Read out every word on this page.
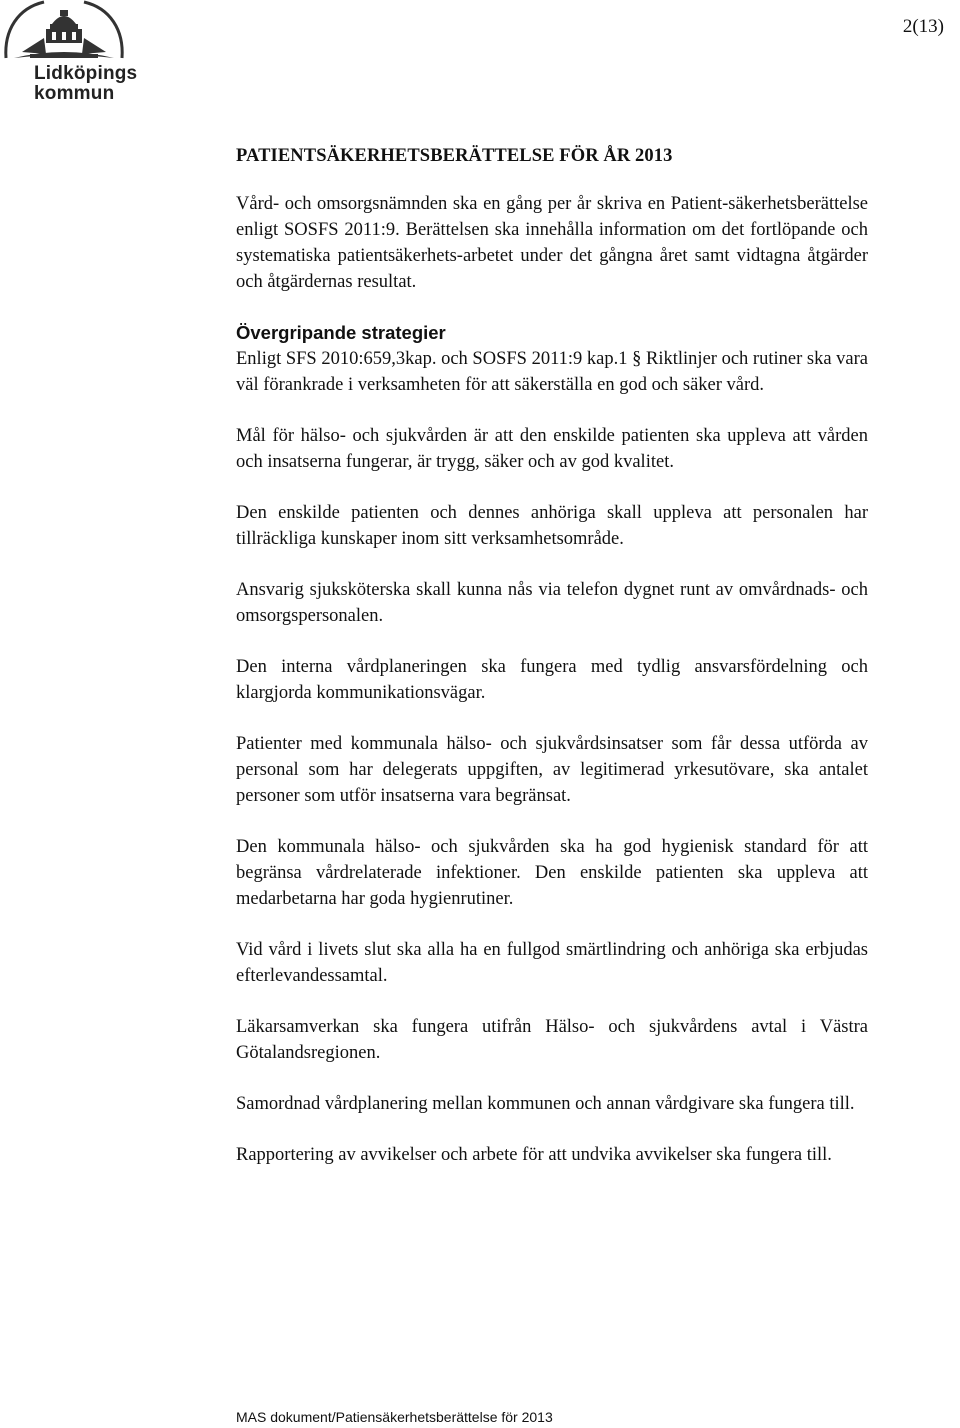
Lidköpings
kommun
2(13)
PATIENTSÄKERHETSBERÄTTELSE FÖR ÅR 2013

Vård- och omsorgsnämnden ska en gång per år skriva en Patient-säkerhetsberättelse enligt SOSFS 2011:9. Berättelsen ska innehålla information om det fortlöpande och systematiska patientsäkerhets-arbetet under det gångna året samt vidtagna åtgärder och åtgärdernas resultat.

Övergripande strategier

Enligt SFS 2010:659,3kap. och SOSFS 2011:9 kap.1 § Riktlinjer och rutiner ska vara väl förankrade i verksamheten för att säkerställa en god och säker vård.

Mål för hälso- och sjukvården är att den enskilde patienten ska uppleva att vården och insatserna fungerar, är trygg, säker och av god kvalitet.

Den enskilde patienten och dennes anhöriga skall uppleva att personalen har tillräckliga kunskaper inom sitt verksamhetsområde.

Ansvarig sjuksköterska skall kunna nås via telefon dygnet runt av omvårdnads- och omsorgspersonalen.

Den interna vårdplaneringen ska fungera med tydlig ansvarsfördelning och klargjorda kommunikationsvägar.

Patienter med kommunala hälso- och sjukvårdsinsatser som får dessa utförda av personal som har delegerats uppgiften, av legitimerad yrkesutövare, ska antalet personer som utför insatserna vara begränsat.

Den kommunala hälso- och sjukvården ska ha god hygienisk standard för att begränsa vårdrelaterade infektioner. Den enskilde patienten ska uppleva att medarbetarna har goda hygienrutiner.

Vid vård i livets slut ska alla ha en fullgod smärtlindring och anhöriga ska erbjudas efterlevandessamtal.

Läkarsamverkan ska fungera utifrån Hälso- och sjukvårdens avtal i Västra Götalandsregionen.

Samordnad vårdplanering mellan kommunen och annan vårdgivare ska fungera till.

Rapportering av avvikelser och arbete för att undvika avvikelser ska fungera till.

MAS dokument/Patiensäkerhetsberättelse för 2013
